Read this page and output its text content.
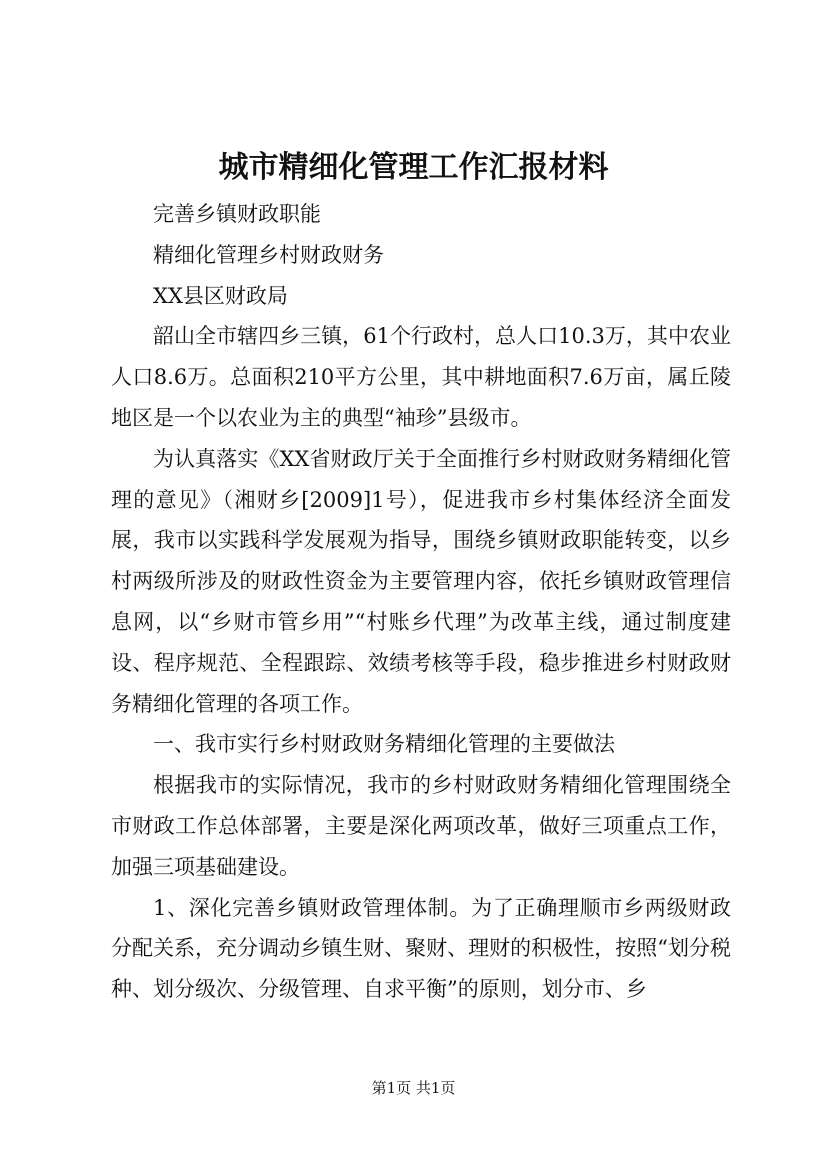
城市精细化管理工作汇报材料

完善乡镇财政职能

精细化管理乡村财政财务

XX县区财政局

韶山全市辖四乡三镇，61个行政村，总人口10.3万，其中农业人口8.6万。总面积210平方公里，其中耕地面积7.6万亩，属丘陵地区是一个以农业为主的典型“袖珍”县级市。

为认真落实《XX省财政厅关于全面推行乡村财政财务精细化管理的意见》（湘财乡[2009]1号），促进我市乡村集体经济全面发展，我市以实践科学发展观为指导，围绕乡镇财政职能转变，以乡村两级所涉及的财政性资金为主要管理内容，依托乡镇财政管理信息网，以“乡财市管乡用”“村账乡代理”为改革主线，通过制度建设、程序规范、全程跟踪、效绩考核等手段，稳步推进乡村财政财务精细化管理的各项工作。

一、我市实行乡村财政财务精细化管理的主要做法

根据我市的实际情况，我市的乡村财政财务精细化管理围绕全市财政工作总体部署，主要是深化两项改革，做好三项重点工作，加强三项基础建设。

1、深化完善乡镇财政管理体制。为了正确理顺市乡两级财政分配关系，充分调动乡镇生财、聚财、理财的积极性，按照“划分税种、划分级次、分级管理、自求平衡”的原则，划分市、乡

第1页 共1页
